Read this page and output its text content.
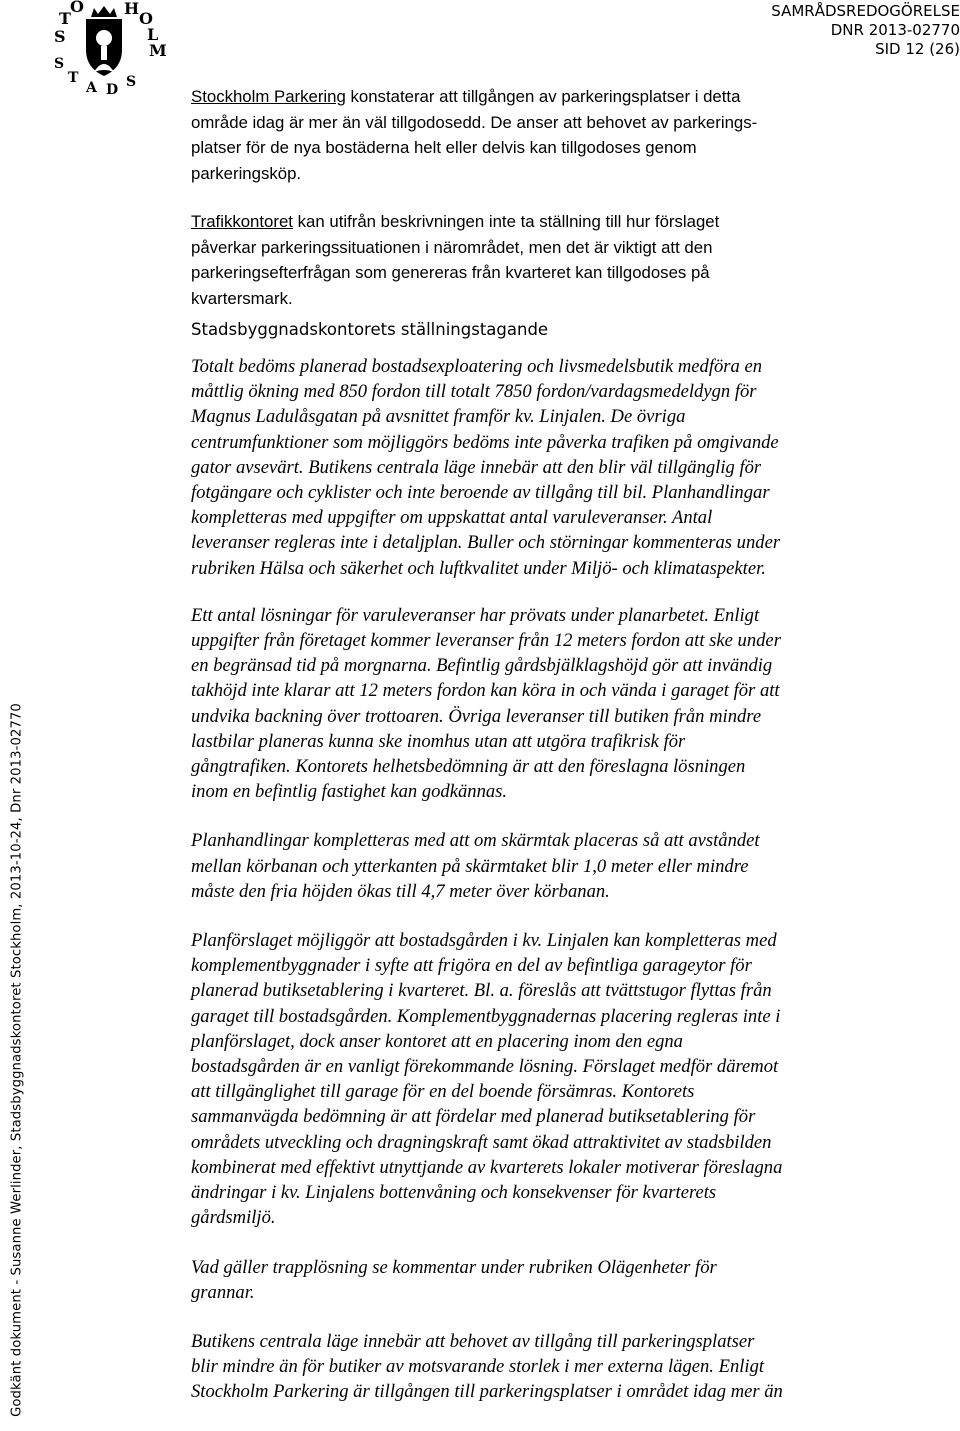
S
T
O	H
O
L
M
S
T
A D S
SAMRÅDSREDOGÖRELSE
DNR 2013-02770
SID 12 (26)
Godkänt dokument - Susanne Werlinder, Stadsbyggnadskontoret Stockholm, 2013-10-24, Dnr 2013-02770

Stockholm Parkering konstaterar att tillgången av parkeringsplatser i detta
område idag är mer än väl tillgodosedd. De anser att behovet av parkerings-
platser för de nya bostäderna helt eller delvis kan tillgodoses genom
parkeringsköp.

Trafikkontoret kan utifrån beskrivningen inte ta ställning till hur förslaget
påverkar parkeringssituationen i närområdet, men det är viktigt att den
parkeringsefterfrågan som genereras från kvarteret kan tillgodoses på
kvartersmark.

Stadsbyggnadskontorets ställningstagande

Totalt bedöms planerad bostadsexploatering och livsmedelsbutik medföra en
måttlig ökning med 850 fordon till totalt 7850 fordon/vardagsmedeldygn för
Magnus Ladulåsgatan på avsnittet framför kv. Linjalen. De övriga
centrumfunktioner som möjliggörs bedöms inte påverka trafiken på omgivande
gator avsevärt. Butikens centrala läge innebär att den blir väl tillgänglig för
fotgängare och cyklister och inte beroende av tillgång till bil. Planhandlingar
kompletteras med uppgifter om uppskattat antal varuleveranser. Antal
leveranser regleras inte i detaljplan. Buller och störningar kommenteras under
rubriken Hälsa och säkerhet och luftkvalitet under Miljö- och klimataspekter.

Ett antal lösningar för varuleveranser har prövats under planarbetet. Enligt
uppgifter från företaget kommer leveranser från 12 meters fordon att ske under
en begränsad tid på morgnarna. Befintlig gårdsbjälklagshöjd gör att invändig
takhöjd inte klarar att 12 meters fordon kan köra in och vända i garaget för att
undvika backning över trottoaren. Övriga leveranser till butiken från mindre
lastbilar planeras kunna ske inomhus utan att utgöra trafikrisk för
gångtrafiken. Kontorets helhetsbedömning är att den föreslagna lösningen
inom en befintlig fastighet kan godkännas.

Planhandlingar kompletteras med att om skärmtak placeras så att avståndet
mellan körbanan och ytterkanten på skärmtaket blir 1,0 meter eller mindre
måste den fria höjden ökas till 4,7 meter över körbanan.

Planförslaget möjliggör att bostadsgården i kv. Linjalen kan kompletteras med
komplementbyggnader i syfte att frigöra en del av befintliga garageytor för
planerad butiksetablering i kvarteret. Bl. a. föreslås att tvättstugor flyttas från
garaget till bostadsgården. Komplementbyggnadernas placering regleras inte i
planförslaget, dock anser kontoret att en placering inom den egna
bostadsgården är en vanligt förekommande lösning. Förslaget medför däremot
att tillgänglighet till garage för en del boende försämras. Kontorets
sammanvägda bedömning är att fördelar med planerad butiksetablering för
områdets utveckling och dragningskraft samt ökad attraktivitet av stadsbilden
kombinerat med effektivt utnyttjande av kvarterets lokaler motiverar föreslagna
ändringar i kv. Linjalens bottenvåning och konsekvenser för kvarterets
gårdsmiljö.

Vad gäller trapplösning se kommentar under rubriken Olägenheter för
grannar.

Butikens centrala läge innebär att behovet av tillgång till parkeringsplatser
blir mindre än för butiker av motsvarande storlek i mer externa lägen. Enligt
Stockholm Parkering är tillgången till parkeringsplatser i området idag mer än
